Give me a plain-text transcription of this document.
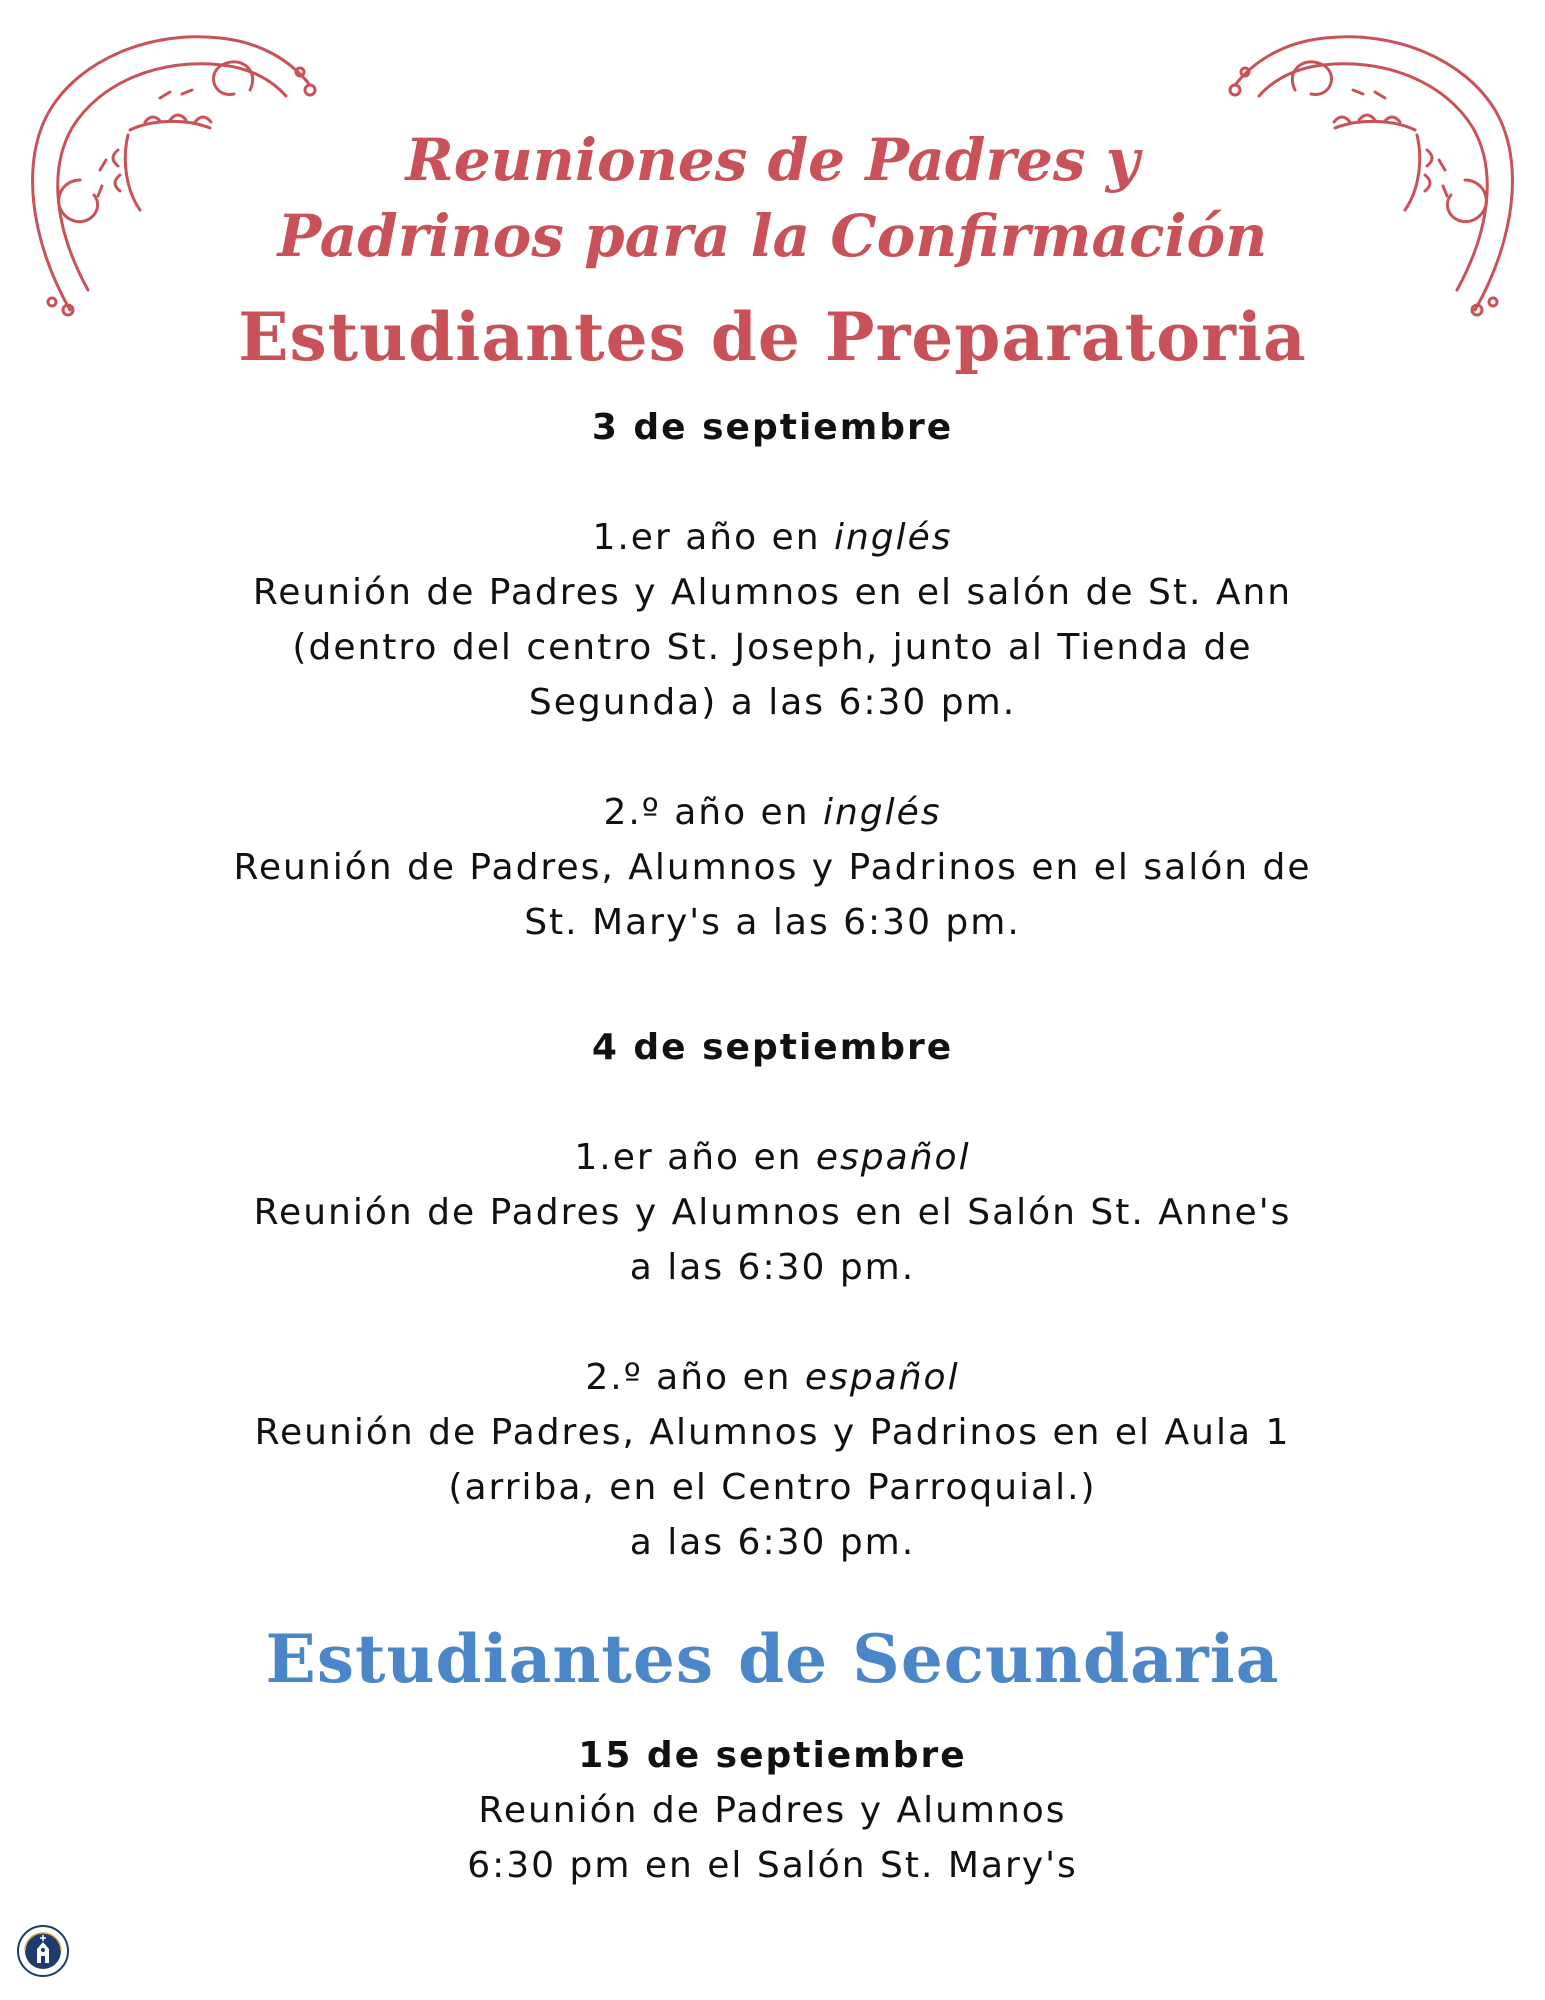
Reuniones de Padres y
Padrinos para la Confirmación
Estudiantes de Preparatoria

3 de septiembre

1.er año en inglés

Reunión de Padres y Alumnos en el salón de St. Ann

(dentro del centro St. Joseph, junto al Tienda de

Segunda) a las 6:30 pm.

2.º año en inglés

Reunión de Padres, Alumnos y Padrinos en el salón de

St. Mary's a las 6:30 pm.

4 de septiembre

1.er año en español

Reunión de Padres y Alumnos en el Salón St. Anne's

a las 6:30 pm.

2.º año en español

Reunión de Padres, Alumnos y Padrinos en el Aula 1

(arriba, en el Centro Parroquial.)

a las 6:30 pm.

Estudiantes de Secundaria

15 de septiembre

Reunión de Padres y Alumnos

6:30 pm en el Salón St. Mary's
